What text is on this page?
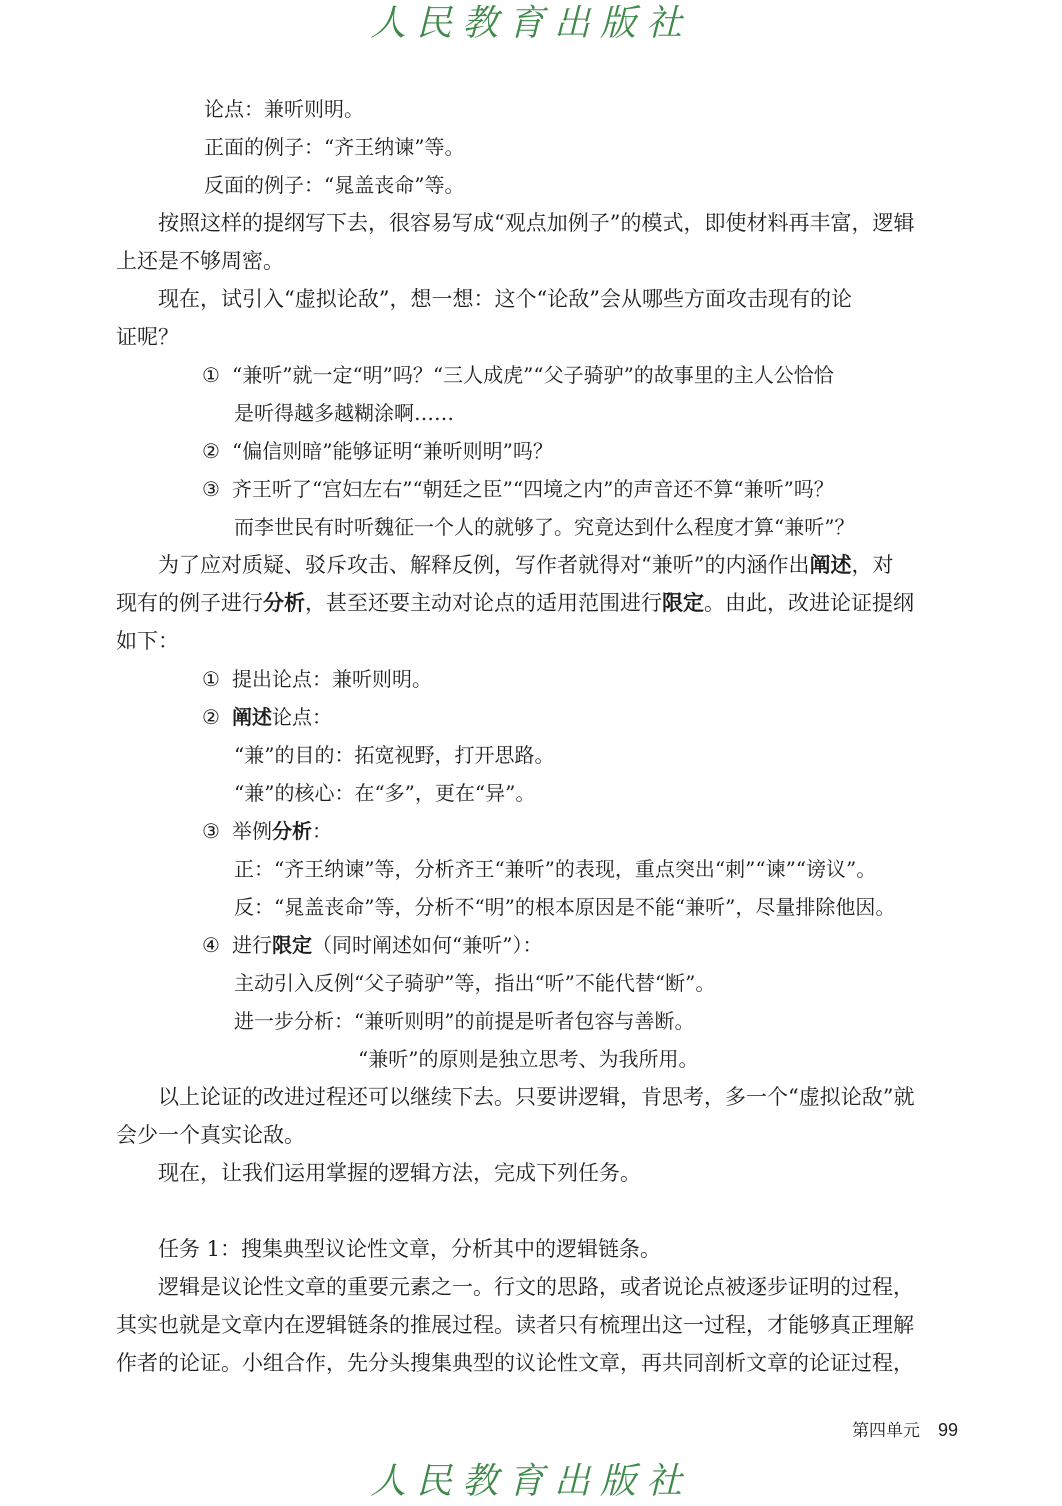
人民教育出版社
论点：兼听则明。
正面的例子：“齐王纳谏”等。
反面的例子：“晁盖丧命”等。
按照这样的提纲写下去，很容易写成“观点加例子”的模式，即使材料再丰富，逻辑
上还是不够周密。
现在，试引入“虚拟论敌”，想一想：这个“论敌”会从哪些方面攻击现有的论
证呢？
① “兼听”就一定“明”吗？“三人成虎”“父子骑驴”的故事里的主人公恰恰
是听得越多越糊涂啊……
② “偏信则暗”能够证明“兼听则明”吗？
③ 齐王听了“宫妇左右”“朝廷之臣”“四境之内”的声音还不算“兼听”吗？
而李世民有时听魏征一个人的就够了。究竟达到什么程度才算“兼听”？
为了应对质疑、驳斥攻击、解释反例，写作者就得对“兼听”的内涵作出阐述，对
现有的例子进行分析，甚至还要主动对论点的适用范围进行限定。由此，改进论证提纲
如下：
① 提出论点：兼听则明。
② 阐述论点：
“兼”的目的：拓宽视野，打开思路。
“兼”的核心：在“多”，更在“异”。
③ 举例分析：
正：“齐王纳谏”等，分析齐王“兼听”的表现，重点突出“刺”“谏”“谤议”。
反：“晁盖丧命”等，分析不“明”的根本原因是不能“兼听”，尽量排除他因。
④ 进行限定（同时阐述如何“兼听”）：
主动引入反例“父子骑驴”等，指出“听”不能代替“断”。
进一步分析：“兼听则明”的前提是听者包容与善断。
“兼听”的原则是独立思考、为我所用。
以上论证的改进过程还可以继续下去。只要讲逻辑，肯思考，多一个“虚拟论敌”就
会少一个真实论敌。
现在，让我们运用掌握的逻辑方法，完成下列任务。
任务 1：搜集典型议论性文章，分析其中的逻辑链条。
逻辑是议论性文章的重要元素之一。行文的思路，或者说论点被逐步证明的过程，
其实也就是文章内在逻辑链条的推展过程。读者只有梳理出这一过程，才能够真正理解
作者的论证。小组合作，先分头搜集典型的议论性文章，再共同剖析文章的论证过程，
第四单元 99
人民教育出版社
